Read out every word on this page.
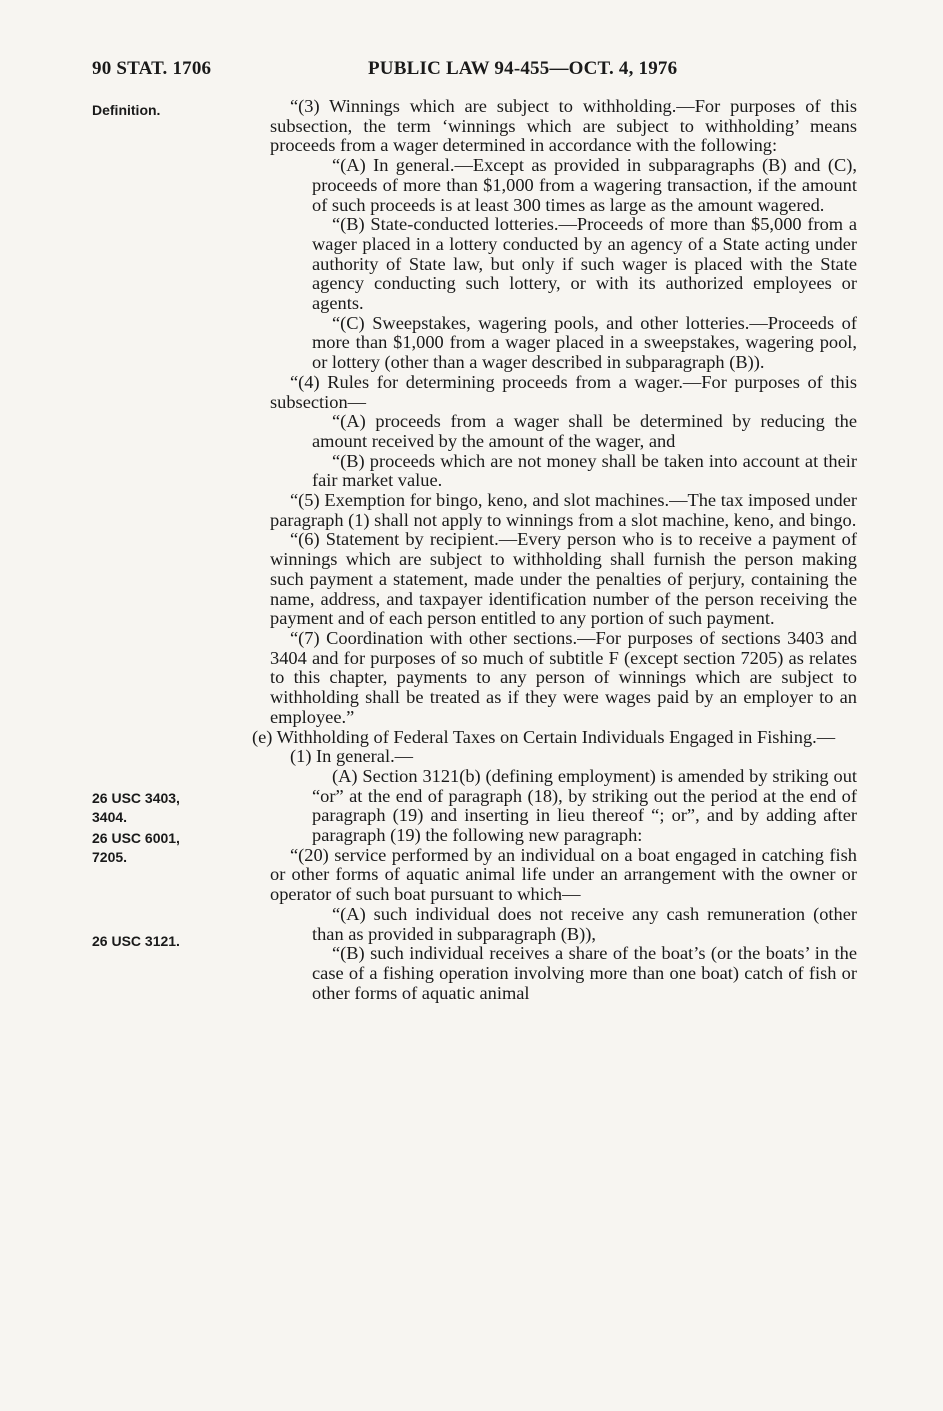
90 STAT. 1706	PUBLIC LAW 94-455—OCT. 4, 1976
Definition.
26 USC 3403,
3404.
26 USC 6001,
7205.
26 USC 3121.

“(3) Winnings which are subject to withholding.—For purposes of this subsection, the term ‘winnings which are subject to withholding’ means proceeds from a wager determined in accordance with the following:

“(A) In general.—Except as provided in subparagraphs (B) and (C), proceeds of more than $1,000 from a wagering transaction, if the amount of such proceeds is at least 300 times as large as the amount wagered.

“(B) State-conducted lotteries.—Proceeds of more than $5,000 from a wager placed in a lottery conducted by an agency of a State acting under authority of State law, but only if such wager is placed with the State agency conducting such lottery, or with its authorized employees or agents.

“(C) Sweepstakes, wagering pools, and other lotteries.—Proceeds of more than $1,000 from a wager placed in a sweepstakes, wagering pool, or lottery (other than a wager described in subparagraph (B)).

“(4) Rules for determining proceeds from a wager.—For purposes of this subsection—

“(A) proceeds from a wager shall be determined by reducing the amount received by the amount of the wager, and

“(B) proceeds which are not money shall be taken into account at their fair market value.

“(5) Exemption for bingo, keno, and slot machines.—The tax imposed under paragraph (1) shall not apply to winnings from a slot machine, keno, and bingo.

“(6) Statement by recipient.—Every person who is to receive a payment of winnings which are subject to withholding shall furnish the person making such payment a statement, made under the penalties of perjury, containing the name, address, and taxpayer identification number of the person receiving the payment and of each person entitled to any portion of such payment.

“(7) Coordination with other sections.—For purposes of sections 3403 and 3404 and for purposes of so much of subtitle F (except section 7205) as relates to this chapter, payments to any person of winnings which are subject to withholding shall be treated as if they were wages paid by an employer to an employee.”

(e) Withholding of Federal Taxes on Certain Individuals Engaged in Fishing.—

(1) In general.—

(A) Section 3121(b) (defining employment) is amended by striking out “or” at the end of paragraph (18), by striking out the period at the end of paragraph (19) and inserting in lieu thereof “; or”, and by adding after paragraph (19) the following new paragraph:

“(20) service performed by an individual on a boat engaged in catching fish or other forms of aquatic animal life under an arrangement with the owner or operator of such boat pursuant to which—

“(A) such individual does not receive any cash remuneration (other than as provided in subparagraph (B)),

“(B) such individual receives a share of the boat’s (or the boats’ in the case of a fishing operation involving more than one boat) catch of fish or other forms of aquatic animal
